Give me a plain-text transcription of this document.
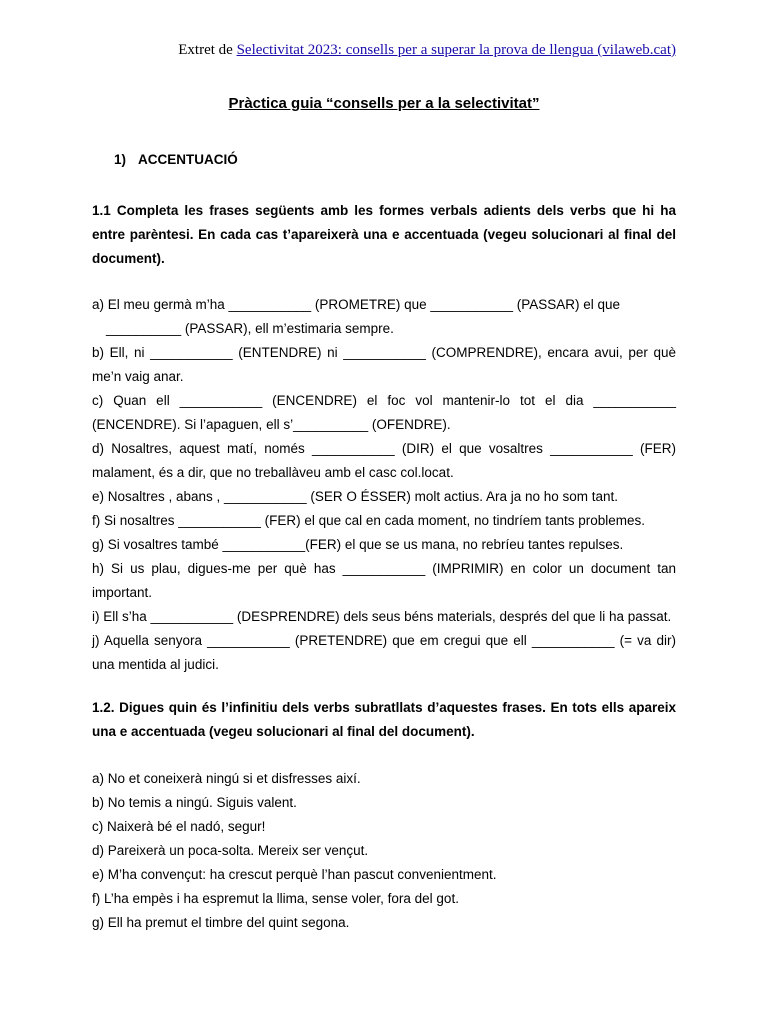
Extret de Selectivitat 2023: consells per a superar la prova de llengua (vilaweb.cat)
Pràctica guia “consells per a la selectivitat”
1) ACCENTUACIÓ
1.1 Completa les frases següents amb les formes verbals adients dels verbs que hi ha entre parèntesi. En cada cas t’apareixerà una e accentuada (vegeu solucionari al final del document).
a) El meu germà m’ha ___________ (PROMETRE) que ___________ (PASSAR) el que
__________ (PASSAR), ell m’estimaria sempre.
b) Ell, ni ___________ (ENTENDRE) ni ___________ (COMPRENDRE), encara avui, per què me’n vaig anar.
c) Quan ell ___________ (ENCENDRE) el foc vol mantenir-lo tot el dia ___________ (ENCENDRE). Si l’apaguen, ell s’__________ (OFENDRE).
d) Nosaltres, aquest matí, només ___________ (DIR) el que vosaltres ___________ (FER) malament, és a dir, que no treballàveu amb el casc col.locat.
e) Nosaltres , abans , ___________ (SER O ÉSSER) molt actius. Ara ja no ho som tant.
f) Si nosaltres ___________ (FER) el que cal en cada moment, no tindríem tants problemes.
g) Si vosaltres també ___________(FER) el que se us mana, no rebríeu tantes repulses.
h) Si us plau, digues-me per què has ___________ (IMPRIMIR) en color un document tan important.
i) Ell s’ha ___________ (DESPRENDRE) dels seus béns materials, després del que li ha passat.
j) Aquella senyora ___________ (PRETENDRE) que em cregui que ell ___________ (= va dir) una mentida al judici.
1.2. Digues quin és l’infinitiu dels verbs subratllats d’aquestes frases. En tots ells apareix una e accentuada (vegeu solucionari al final del document).
a) No et coneixerà ningú si et disfresses així.
b) No temis a ningú. Siguis valent.
c) Naixerà bé el nadó, segur!
d) Pareixerà un poca-solta. Mereix ser vençut.
e) M’ha convençut: ha crescut perquè l’han pascut convenientment.
f) L’ha empès i ha espremut la llima, sense voler, fora del got.
g) Ell ha premut el timbre del quint segona.
